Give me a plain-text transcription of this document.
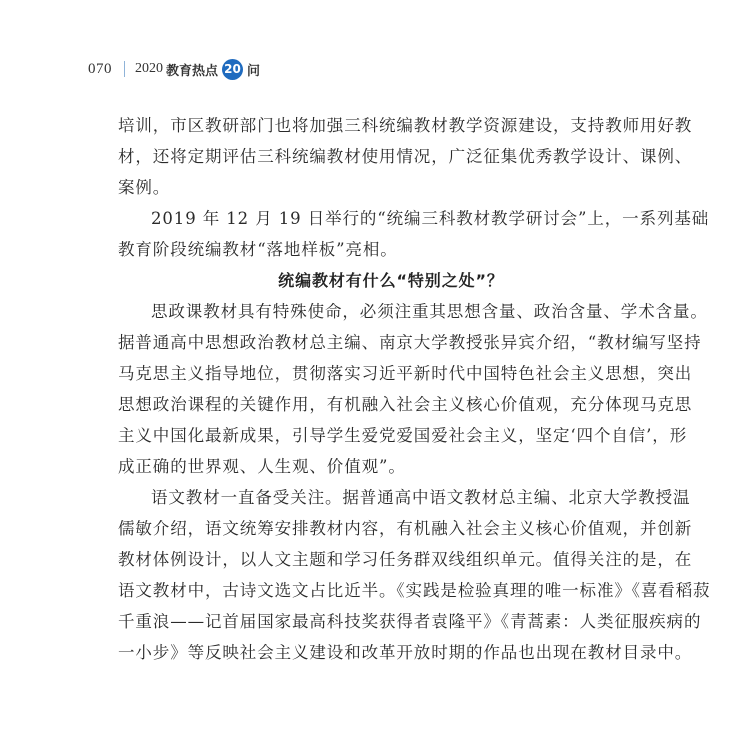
070 2020 教育热点 20 问
培训，市区教研部门也将加强三科统编教材教学资源建设，支持教师用好教
材，还将定期评估三科统编教材使用情况，广泛征集优秀教学设计、课例、
案例。
2019 年 12 月 19 日举行的“统编三科教材教学研讨会”上，一系列基础
教育阶段统编教材“落地样板”亮相。
统编教材有什么“特别之处”？
思政课教材具有特殊使命，必须注重其思想含量、政治含量、学术含量。
据普通高中思想政治教材总主编、南京大学教授张异宾介绍，“教材编写坚持
马克思主义指导地位，贯彻落实习近平新时代中国特色社会主义思想，突出
思想政治课程的关键作用，有机融入社会主义核心价值观，充分体现马克思
主义中国化最新成果，引导学生爱党爱国爱社会主义，坚定‘四个自信’，形
成正确的世界观、人生观、价值观”。
语文教材一直备受关注。据普通高中语文教材总主编、北京大学教授温
儒敏介绍，语文统筹安排教材内容，有机融入社会主义核心价值观，并创新
教材体例设计，以人文主题和学习任务群双线组织单元。值得关注的是，在
语文教材中，古诗文选文占比近半。《实践是检验真理的唯一标准》《喜看稻菽
千重浪——记首届国家最高科技奖获得者袁隆平》《青蒿素：人类征服疾病的
一小步》等反映社会主义建设和改革开放时期的作品也出现在教材目录中。
